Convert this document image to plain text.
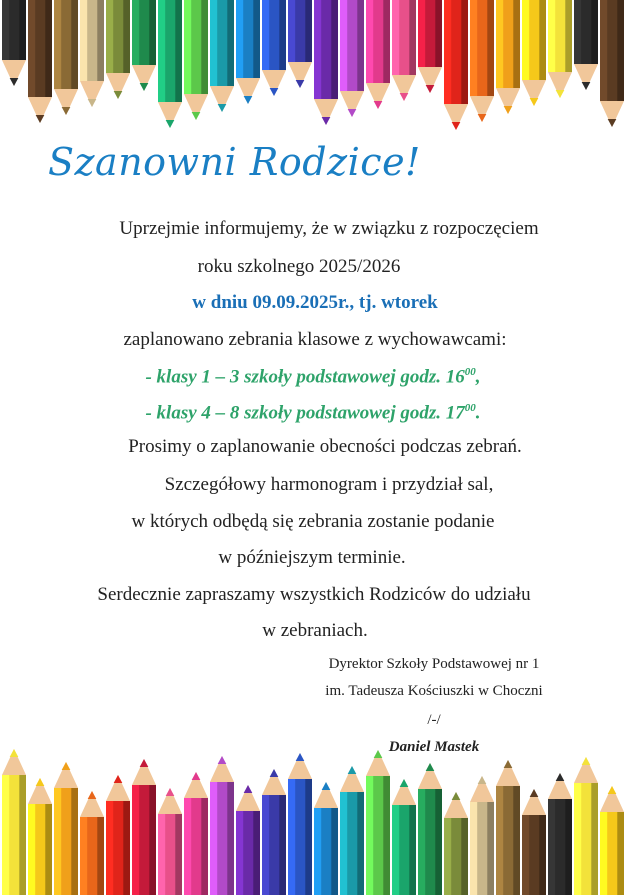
Szanowni Rodzice!
Uprzejmie informujemy, że w związku z rozpoczęciem
roku szkolnego 2025/2026
w dniu 09.09.2025r., tj. wtorek
zaplanowano zebrania klasowe z wychowawcami:
- klasy 1 – 3 szkoły podstawowej godz. $16^{00}$,
- klasy 4 – 8 szkoły podstawowej godz. $17^{00}$.
Prosimy o zaplanowanie obecności podczas zebrań.
Szczegółowy harmonogram i przydział sal,
w których odbędą się zebrania zostanie podanie
w późniejszym terminie.
Serdecznie zapraszamy wszystkich Rodziców do udziału
w zebraniach.
Dyrektor Szkoły Podstawowej nr 1
im. Tadeusza Kościuszki w Choczni
/-/
Daniel Mastek
